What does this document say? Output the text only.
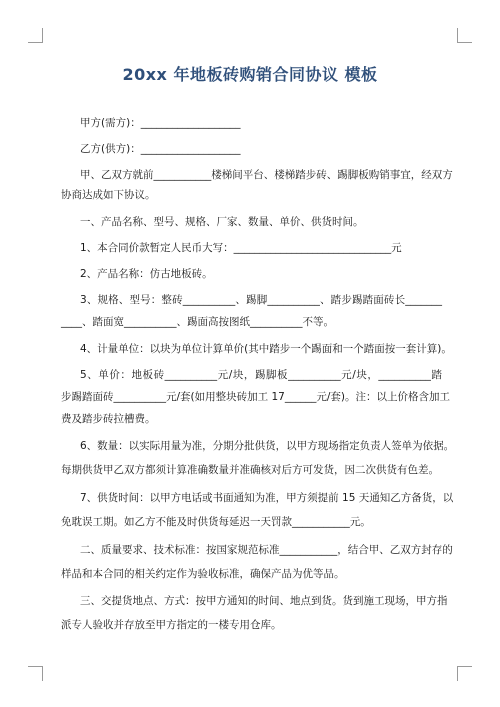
20xx 年地板砖购销合同协议 模板
甲方(需方)：___________________
乙方(供方)：___________________
甲、乙双方就前___________楼梯间平台、楼梯踏步砖、踢脚板购销事宜，经双方
协商达成如下协议。
一、产品名称、型号、规格、厂家、数量、单价、供货时间。
1、本合同价款暂定人民币大写：______________________________元
2、产品名称：仿古地板砖。
3、规格、型号：整砖__________、踢脚__________、踏步踢踏面砖长_______
____、踏面宽__________、踢面高按图纸__________不等。
4、计量单位：以块为单位计算单价(其中踏步一个踢面和一个踏面按一套计算)。
5、单价：地板砖__________元/块，踢脚板__________元/块，__________踏
步踢踏面砖__________元/套(如用整块砖加工 17______元/套)。注：以上价格含加工
费及踏步砖拉槽费。
6、数量：以实际用量为准，分期分批供货，以甲方现场指定负责人签单为依据。
每期供货甲乙双方都须计算准确数量并准确核对后方可发货，因二次供货有色差。
7、供货时间：以甲方电话或书面通知为准，甲方须提前 15 天通知乙方备货，以
免耽误工期。如乙方不能及时供货每延迟一天罚款___________元。
二、质量要求、技术标准：按国家规范标准___________，结合甲、乙双方封存的
样品和本合同的相关约定作为验收标准，确保产品为优等品。
三、交提货地点、方式：按甲方通知的时间、地点到货。货到施工现场，甲方指
派专人验收并存放至甲方指定的一楼专用仓库。
